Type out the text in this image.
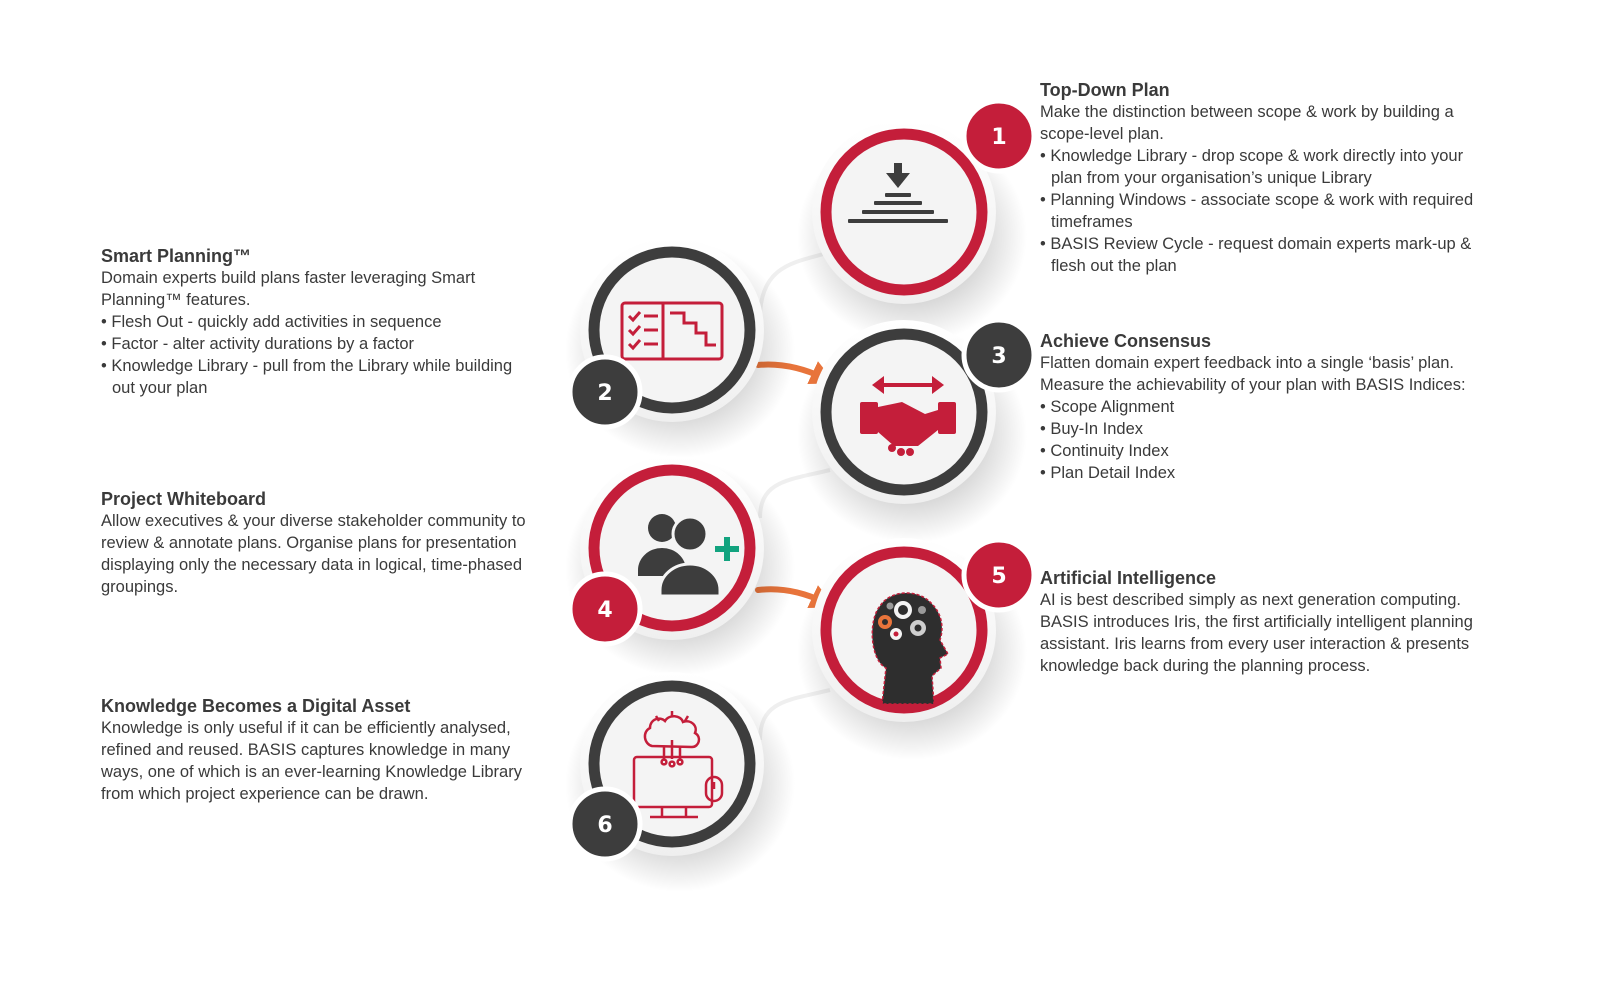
1
2
3
4
5
6
Top-Down Plan

Make the distinction between scope & work by building a scope-level plan.

• Knowledge Library - drop scope & work directly into your plan from your organisation’s unique Library
• Planning Windows - associate scope & work with required timeframes
• BASIS Review Cycle - request domain experts mark-up & flesh out the plan
Smart Planning™

Domain experts build plans faster leveraging Smart Planning™ features.

• Flesh Out - quickly add activities in sequence
• Factor - alter activity durations by a factor
• Knowledge Library - pull from the Library while building out your plan
Achieve Consensus

Flatten domain expert feedback into a single ‘basis’ plan. Measure the achievability of your plan with BASIS Indices:

• Scope Alignment
• Buy-In Index
• Continuity Index
• Plan Detail Index
Project Whiteboard

Allow executives & your diverse stakeholder community to review & annotate plans. Organise plans for presentation displaying only the necessary data in logical, time-phased groupings.	Artificial Intelligence

AI is best described simply as next generation computing. BASIS introduces Iris, the first artificially intelligent planning assistant. Iris learns from every user interaction & presents knowledge back during the planning process.

Knowledge Becomes a Digital Asset

Knowledge is only useful if it can be efficiently analysed, refined and reused. BASIS captures knowledge in many ways, one of which is an ever-learning Knowledge Library from which project experience can be drawn.
